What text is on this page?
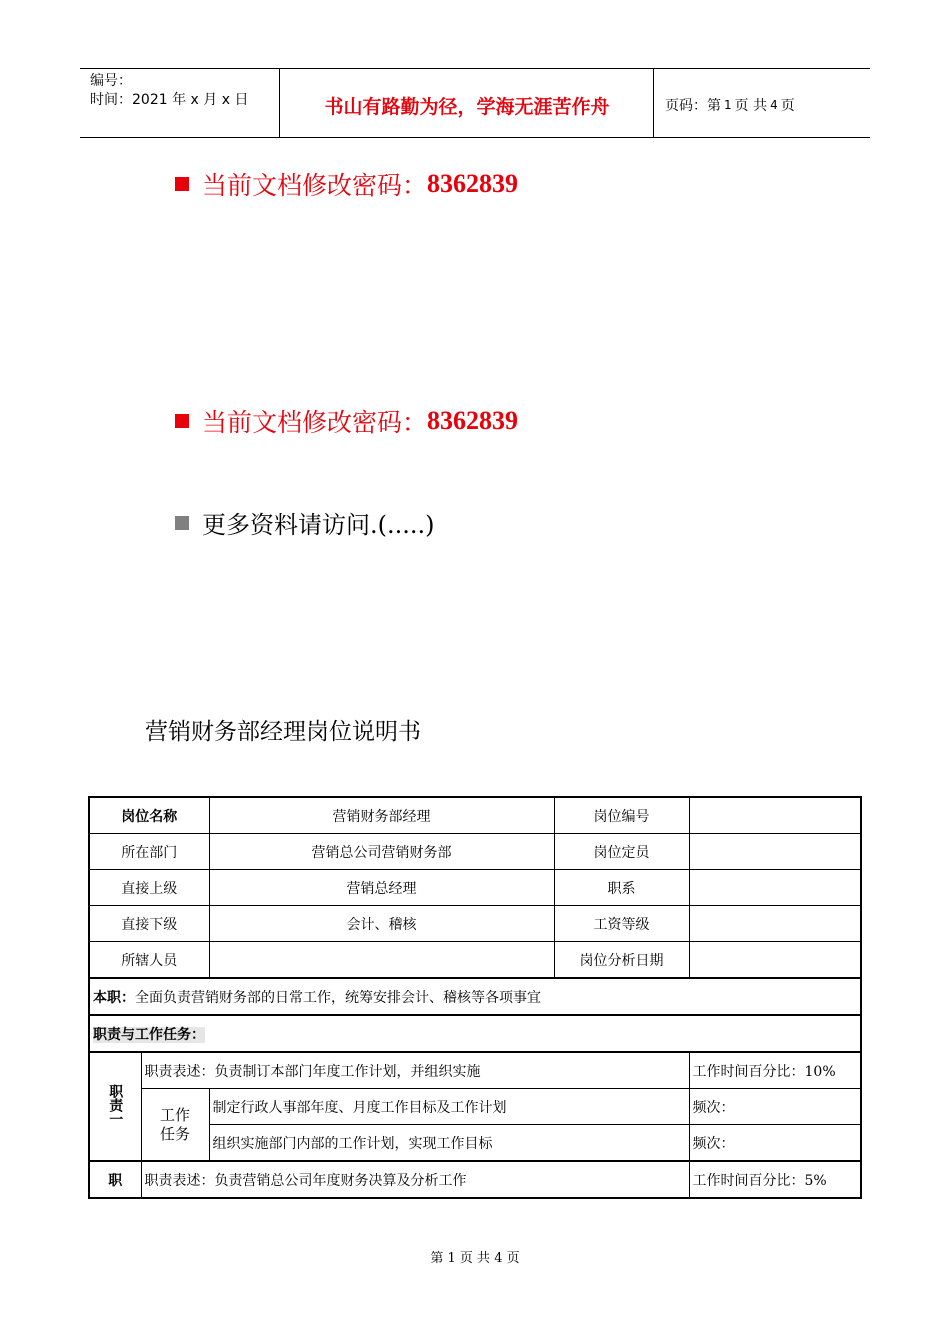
编号：
时间：2021 年 x 月 x 日	书山有路勤为径，学海无涯苦作舟	页码：第 1 页 共 4 页
当前文档修改密码： 8362839
当前文档修改密码： 8362839
更多资料请访问.(.....)
营销财务部经理岗位说明书
岗位名称		营销财务部经理	岗位编号	
所在部门		营销总公司营销财务部	岗位定员	
直接上级		营销总经理	职系	
直接下级		会计、稽核	工资等级	
所辖人员			岗位分析日期	
本职：全面负责营销财务部的日常工作，统筹安排会计、稽核等各项事宜				
职责与工作任务：				
职责一	职责表述：负责制订本部门年度工作计划，并组织实施			工作时间百分比：10%
	工作任务	制定行政人事部年度、月度工作目标及工作计划		频次：
		组织实施部门内部的工作计划，实现工作目标		频次：
职	职责表述：负责营销总公司年度财务决算及分析工作			工作时间百分比：5%
第 1 页 共 4 页
